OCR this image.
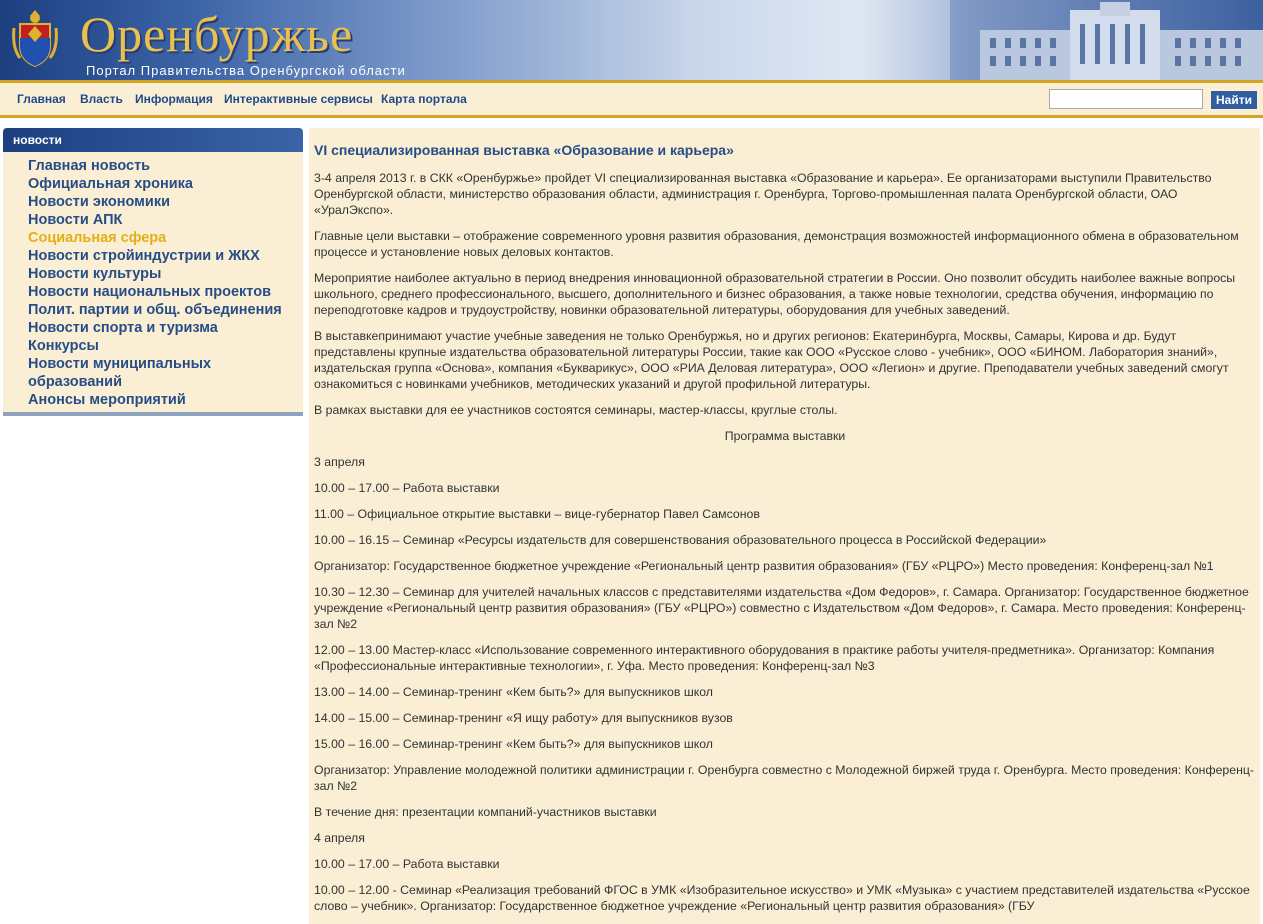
Оренбуржье
Портал Правительства Оренбургской области
Главная Власть Информация Интерактивные сервисы Карта портала	Найти
новости
Главная новость
Официальная хроника
Новости экономики
Новости АПК
Социальная сфера
Новости стройиндустрии и ЖКХ
Новости культуры
Новости национальных проектов
Полит. партии и общ. объединения
Новости спорта и туризма
Конкурсы
Новости муниципальных образований
Анонсы мероприятий
VI специализированная выставка «Образование и карьера»

3-4 апреля 2013 г. в СКК «Оренбуржье» пройдет VI специализированная выставка «Образование и карьера». Ее организаторами выступили Правительство Оренбургской области, министерство образования области, администрация г. Оренбурга, Торгово-промышленная палата Оренбургской области, ОАО «УралЭкспо».

Главные цели выставки – отображение современного уровня развития образования, демонстрация возможностей информационного обмена в образовательном процессе и установление новых деловых контактов.

Мероприятие наиболее актуально в период внедрения инновационной образовательной стратегии в России. Оно позволит обсудить наиболее важные вопросы школьного, среднего профессионального, высшего, дополнительного и бизнес образования, а также новые технологии, средства обучения, информацию по переподготовке кадров и трудоустройству, новинки образовательной литературы, оборудования для учебных заведений.

В выставкепринимают участие учебные заведения не только Оренбуржья, но и других регионов: Екатеринбурга, Москвы, Самары, Кирова и др. Будут представлены крупные издательства образовательной литературы России, такие как ООО «Русское слово - учебник», ООО «БИНОМ. Лаборатория знаний», издательская группа «Основа», компания «Букварикус», ООО «РИА Деловая литература», ООО «Легион» и другие. Преподаватели учебных заведений смогут ознакомиться с новинками учебников, методических указаний и другой профильной литературы.

В рамках выставки для ее участников состоятся семинары, мастер-классы, круглые столы.

Программа выставки

3 апреля

10.00 – 17.00 – Работа выставки

11.00 – Официальное открытие выставки – вице-губернатор Павел Самсонов

10.00 – 16.15 – Семинар «Ресурсы издательств для совершенствования образовательного процесса в Российской Федерации»

Организатор: Государственное бюджетное учреждение «Региональный центр развития образования» (ГБУ «РЦРО») Место проведения: Конференц-зал №1

10.30 – 12.30 – Семинар для учителей начальных классов с представителями издательства «Дом Федоров», г. Самара. Организатор: Государственное бюджетное учреждение «Региональный центр развития образования» (ГБУ «РЦРО») совместно с Издательством «Дом Федоров», г. Самара. Место проведения: Конференц-зал №2

12.00 – 13.00 Мастер-класс «Использование современного интерактивного оборудования в практике работы учителя-предметника». Организатор: Компания «Профессиональные интерактивные технологии», г. Уфа. Место проведения: Конференц-зал №3

13.00 – 14.00 – Семинар-тренинг «Кем быть?» для выпускников школ

14.00 – 15.00 – Семинар-тренинг «Я ищу работу» для выпускников вузов

15.00 – 16.00 – Семинар-тренинг «Кем быть?» для выпускников школ

Организатор: Управление молодежной политики администрации г. Оренбурга совместно с Молодежной биржей труда г. Оренбурга. Место проведения: Конференц-зал №2

В течение дня: презентации компаний-участников выставки

4 апреля

10.00 – 17.00 – Работа выставки

10.00 – 12.00 - Семинар «Реализация требований ФГОС в УМК «Изобразительное искусство» и УМК «Музыка» с участием представителей издательства «Русское слово – учебник». Организатор: Государственное бюджетное учреждение «Региональный центр развития образования» (ГБУ
